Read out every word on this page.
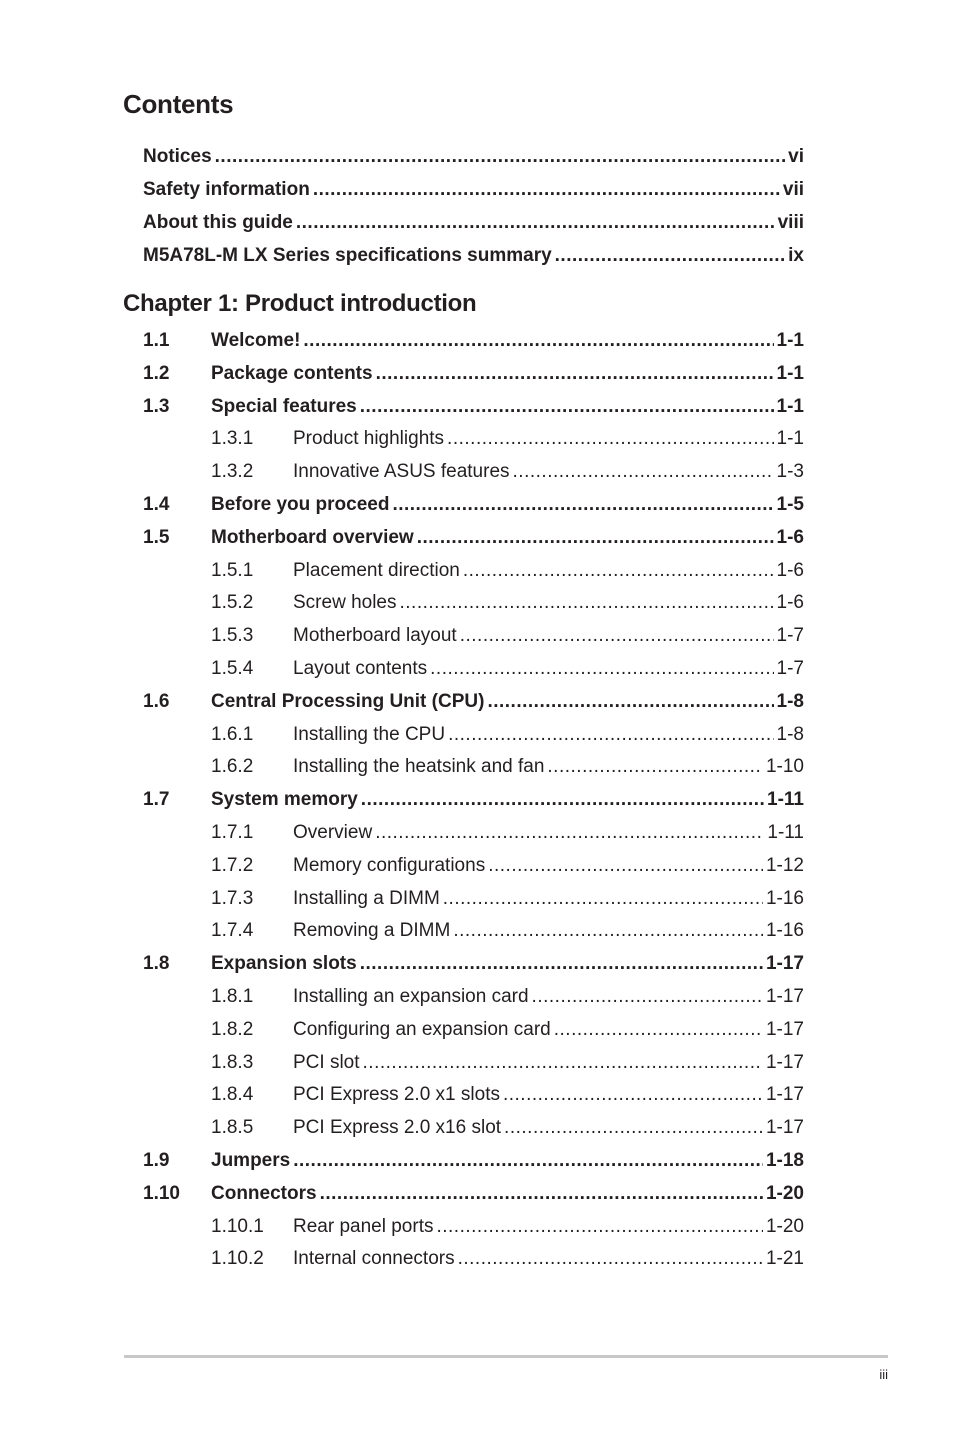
Contents
Notices .....	vi
Safety information .....	vii
About this guide .....	viii
M5A78L-M LX Series specifications summary .....	ix
Chapter 1: Product introduction
1.1	Welcome! .....	1-1
1.2	Package contents .....	1-1
1.3	Special features .....	1-1
1.3.1	Product highlights .....	1-1
1.3.2	Innovative ASUS features .....	1-3
1.4	Before you proceed .....	1-5
1.5	Motherboard overview .....	1-6
1.5.1	Placement direction .....	1-6
1.5.2	Screw holes .....	1-6
1.5.3	Motherboard layout .....	1-7
1.5.4	Layout contents .....	1-7
1.6	Central Processing Unit (CPU) .....	1-8
1.6.1	Installing the CPU .....	1-8
1.6.2	Installing the heatsink and fan .....	1-10
1.7	System memory .....	1-11
1.7.1	Overview .....	1-11
1.7.2	Memory configurations .....	1-12
1.7.3	Installing a DIMM .....	1-16
1.7.4	Removing a DIMM .....	1-16
1.8	Expansion slots .....	1-17
1.8.1	Installing an expansion card .....	1-17
1.8.2	Configuring an expansion card .....	1-17
1.8.3	PCI slot .....	1-17
1.8.4	PCI Express 2.0 x1 slots .....	1-17
1.8.5	PCI Express 2.0 x16 slot .....	1-17
1.9	Jumpers .....	1-18
1.10	Connectors .....	1-20
1.10.1	Rear panel ports .....	1-20
1.10.2	Internal connectors .....	1-21
iii
